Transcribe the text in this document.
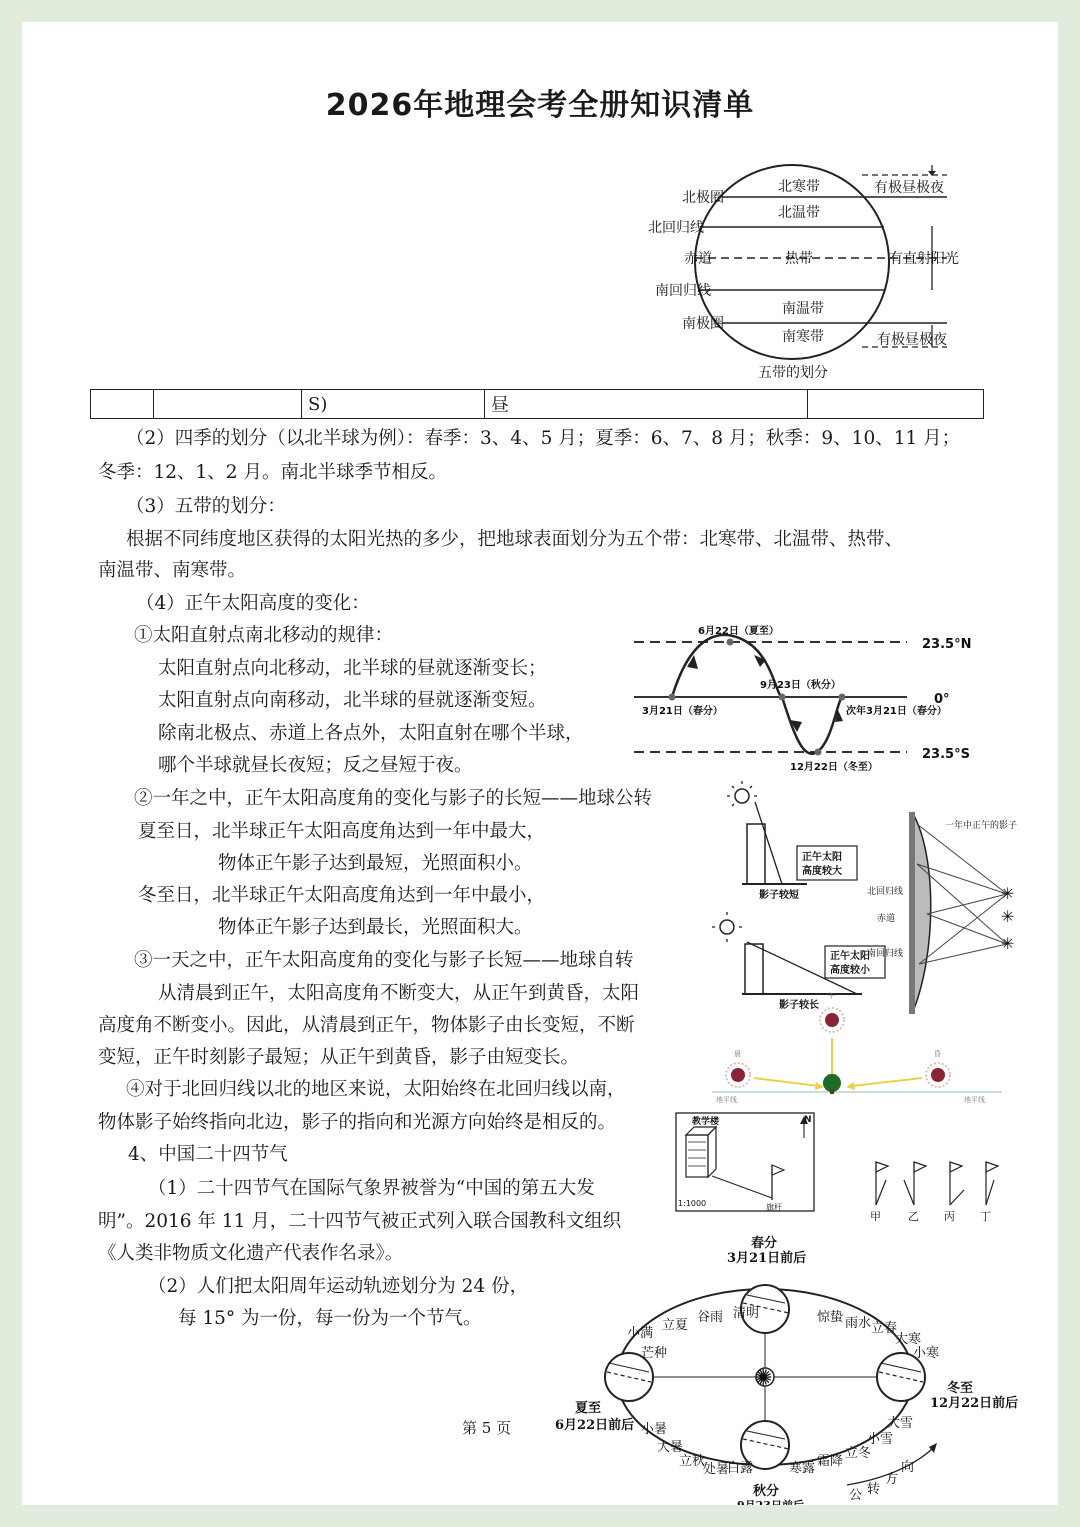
2026年地理会考全册知识清单
北极圈
北回归线
赤道
南回归线
南极圈
北寒带
北温带
热带
南温带
南寒带
有极昼极夜
有直射阳光
有极昼极夜
五带的划分
		S)	昼	
（2）四季的划分（以北半球为例）：春季：3、4、5 月；夏季：6、7、8 月；秋季：9、10、11 月；
冬季：12、1、2 月。南北半球季节相反。
（3）五带的划分：
根据不同纬度地区获得的太阳光热的多少，把地球表面划分为五个带：北寒带、北温带、热带、
南温带、南寒带。
（4）正午太阳高度的变化：
①太阳直射点南北移动的规律：
太阳直射点向北移动，北半球的昼就逐渐变长；
太阳直射点向南移动，北半球的昼就逐渐变短。
除南北极点、赤道上各点外，太阳直射在哪个半球，
哪个半球就昼长夜短；反之昼短于夜。
②一年之中，正午太阳高度角的变化与影子的长短——地球公转
夏至日，北半球正午太阳高度角达到一年中最大，
物体正午影子达到最短，光照面积小。
冬至日，北半球正午太阳高度角达到一年中最小，
物体正午影子达到最长，光照面积大。
③一天之中，正午太阳高度角的变化与影子长短——地球自转
从清晨到正午，太阳高度角不断变大，从正午到黄昏，太阳
高度角不断变小。因此，从清晨到正午，物体影子由长变短，不断
变短，正午时刻影子最短；从正午到黄昏，影子由短变长。
④对于北回归线以北的地区来说，太阳始终在北回归线以南，
物体影子始终指向北边，影子的指向和光源方向始终是相反的。
4、中国二十四节气
（1）二十四节气在国际气象界被誉为“中国的第五大发
明”。2016 年 11 月，二十四节气被正式列入联合国教科文组织
《人类非物质文化遗产代表作名录》。
（2）人们把太阳周年运动轨迹划分为 24 份，
每 15° 为一份，每一份为一个节气。
23.5°N
0°
23.5°S
6月22日（夏至）
3月21日（春分）
9月23日（秋分）
次年3月21日（春分）
12月22日（冬至）
正午太阳
高度较大
影子较短
正午太阳
高度较小
影子较长
✳
✳
✳
一年中正午的影子
北回归线
赤道
南回归线
午
晨	昏
地平线	地平线
教学楼	N
1:1000	旗杆
甲 乙 丙 丁
✺
春分
3月21日前后
夏至
6月22日前后
冬至
12月22日前后
秋分
9月23日前后
小满
芒种
立夏
谷雨 清明	惊蛰 雨水 立春
大寒
小寒
小暑
大暑
立秋
处暑
白露	寒露 霜降
立冬
小雪
大雪
公 转
方
向
第 5 页
